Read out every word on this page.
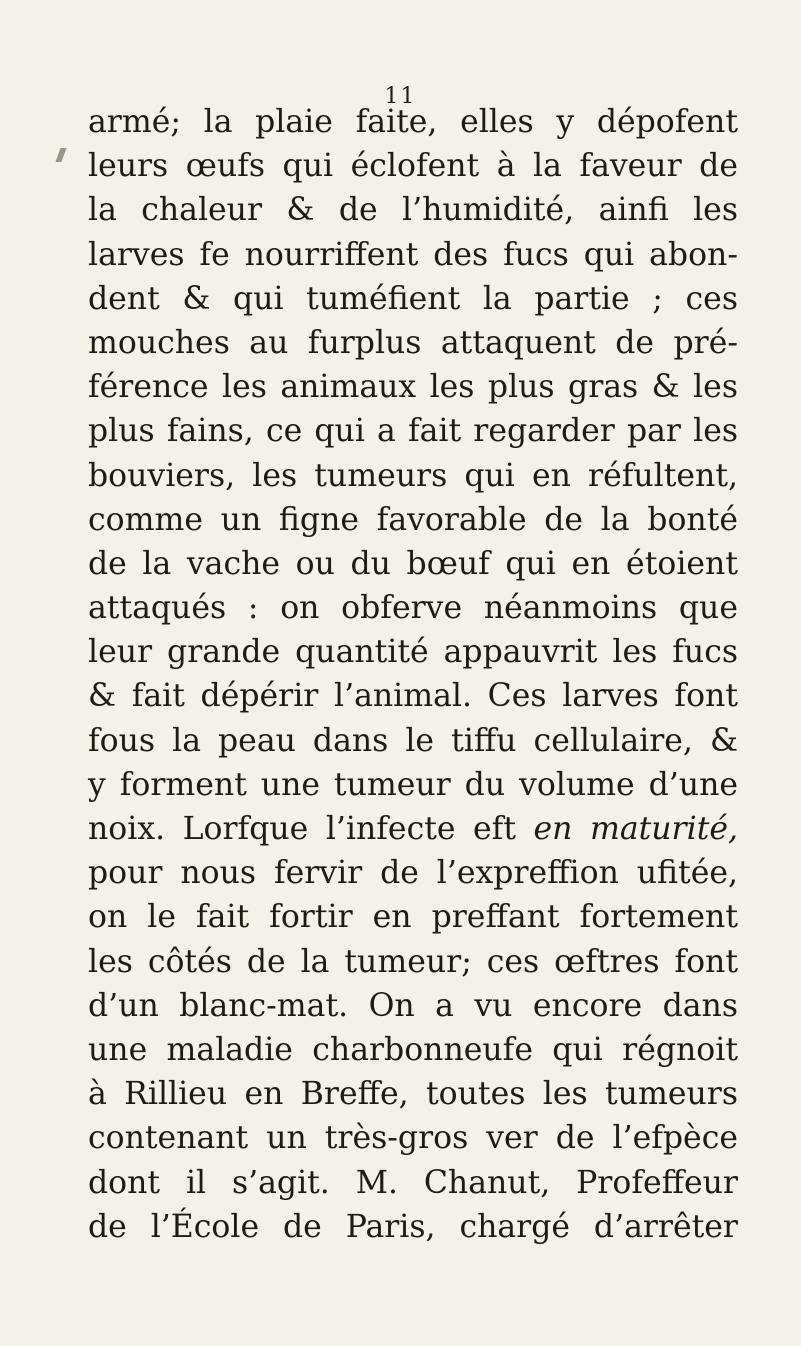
11
armé; la plaie faite, elles y dépofent
leurs œufs qui éclofent à la faveur de
la chaleur & de l’humidité, ainfi les
larves fe nourriffent des fucs qui abon-
dent & qui tuméfient la partie ; ces
mouches au furplus attaquent de pré-
férence les animaux les plus gras & les
plus fains, ce qui a fait regarder par les
bouviers, les tumeurs qui en réfultent,
comme un figne favorable de la bonté
de la vache ou du bœuf qui en étoient
attaqués : on obferve néanmoins que
leur grande quantité appauvrit les fucs
& fait dépérir l’animal. Ces larves font
fous la peau dans le tiffu cellulaire, &
y forment une tumeur du volume d’une
noix. Lorfque l’infecte eft en maturité,
pour nous fervir de l’expreffion ufitée,
on le fait fortir en preffant fortement
les côtés de la tumeur; ces œftres font
d’un blanc-mat. On a vu encore dans
une maladie charbonneufe qui régnoit
à Rillieu en Breffe, toutes les tumeurs
contenant un très-gros ver de l’efpèce
dont il s’agit. M. Chanut, Profeffeur
de l’École de Paris, chargé d’arrêter
